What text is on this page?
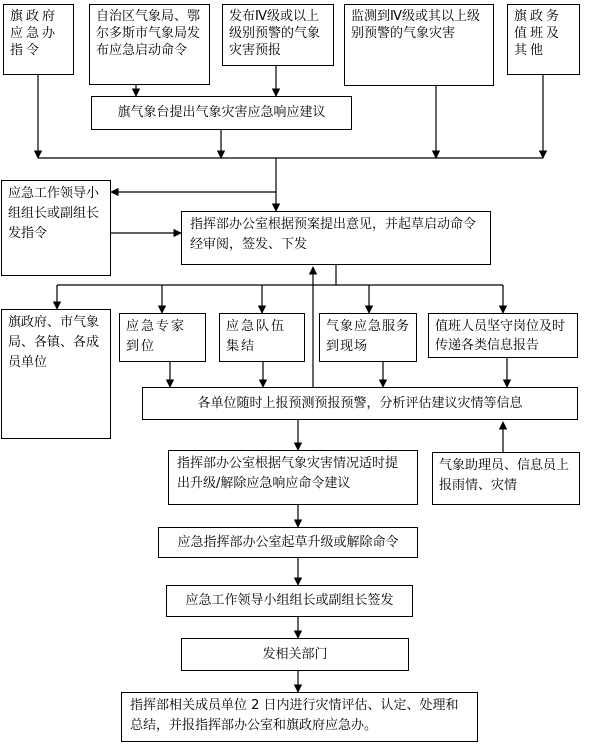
旗政府应急办指令
自治区气象局、鄂尔多斯市气象局发布应急启动命令
发布Ⅳ级或以上级别预警的气象灾害预报
监测到Ⅳ级或其以上级别预警的气象灾害
旗政务值班及其他
旗气象台提出气象灾害应急响应建议
应急工作领导小组组长或副组长发指令
指挥部办公室根据预案提出意见，并起草启动命令经审阅，签发、下发
旗政府、市气象局、各镇、各成员单位
应急专家到位
应急队伍集结
气象应急服务到现场
值班人员坚守岗位及时传递各类信息报告
各单位随时上报预测预报预警，分析评估建议灾情等信息
指挥部办公室根据气象灾害情况适时提出升级/解除应急响应命令建议
气象助理员、信息员上报雨情、灾情
应急指挥部办公室起草升级或解除命令
应急工作领导小组组长或副组长签发
发相关部门
指挥部相关成员单位 2 日内进行灾情评估、认定、处理和总结，并报指挥部办公室和旗政府应急办。
